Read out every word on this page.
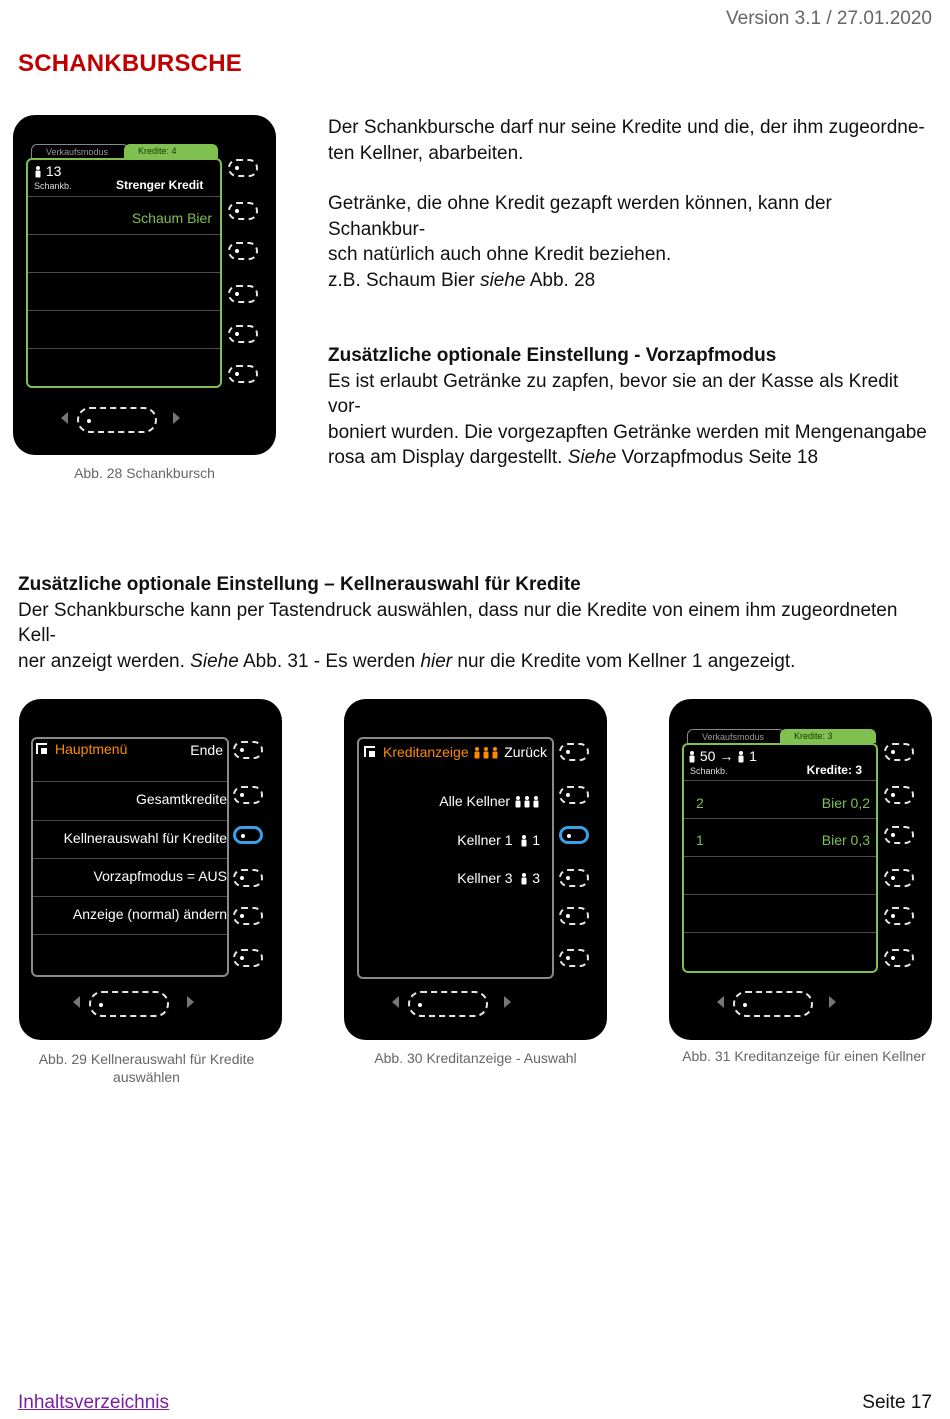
Version 3.1 / 27.01.2020
SCHANKBURSCHE
Der Schankbursche darf nur seine Kredite und die, der ihm zugeordne-
ten Kellner, abarbeiten.
Getränke, die ohne Kredit gezapft werden können, kann der Schankbur-
sch natürlich auch ohne Kredit beziehen.
z.B. Schaum Bier siehe Abb. 28
Zusätzliche optionale Einstellung - Vorzapfmodus
Es ist erlaubt Getränke zu zapfen, bevor sie an der Kasse als Kredit vor-
boniert wurden. Die vorgezapften Getränke werden mit Mengenangabe
rosa am Display dargestellt. Siehe Vorzapfmodus Seite 18
Verkaufsmodus	Kredite: 4
13
Schankb.	Strenger Kredit
Schaum Bier
Abb. 28 Schankbursch
Zusätzliche optionale Einstellung – Kellnerauswahl für Kredite
Der Schankbursche kann per Tastendruck auswählen, dass nur die Kredite von einem ihm zugeordneten Kell-
ner anzeigt werden. Siehe Abb. 31 - Es werden hier nur die Kredite vom Kellner 1 angezeigt.
Hauptmenü	Ende
Gesamtkredite
Kellnerauswahl für Kredite
Vorzapfmodus = AUS
Anzeige (normal) ändern
Abb. 29 Kellnerauswahl für Kredite
auswählen
Kreditanzeige	Zurück
Alle Kellner
Kellner 1 1
Kellner 3 3
Abb. 30 Kreditanzeige - Auswahl
Verkaufsmodus	Kredite: 3
50 → 1
Schankb.	Kredite: 3
2	Bier 0,2
1	Bier 0,3
Abb. 31 Kreditanzeige für einen Kellner
Inhaltsverzeichnis	Seite 17
